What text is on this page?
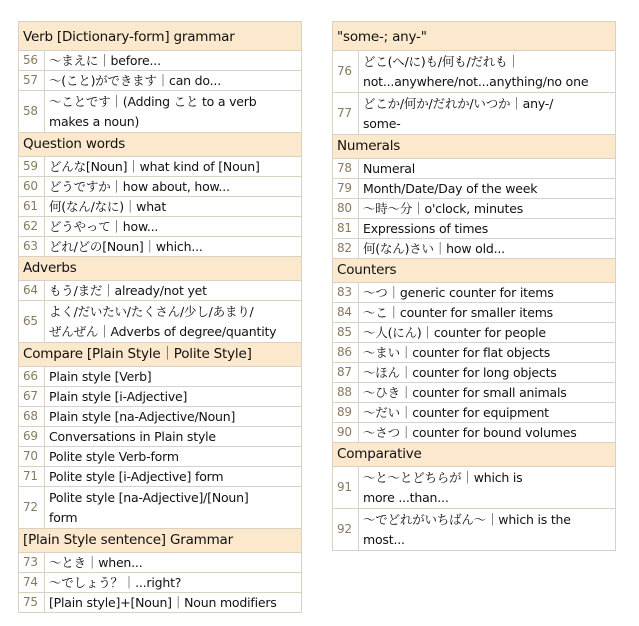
Verb [Dictionary-form] grammar	
56	〜まえに｜before...
57	〜(こと)ができます｜can do...
58	〜ことです｜(Adding こと to a verb
makes a noun)
Question words	
59	どんな[Noun]｜what kind of [Noun]
60	どうですか｜how about, how...
61	何(なん/なに)｜what
62	どうやって｜how...
63	どれ/どの[Noun]｜which...
Adverbs	
64	もう/まだ｜already/not yet
65	よく/だいたい/たくさん/少し/あまり/
ぜんぜん｜Adverbs of degree/quantity
Compare [Plain Style｜Polite Style]	
66	Plain style [Verb]
67	Plain style [i-Adjective]
68	Plain style [na-Adjective/Noun]
69	Conversations in Plain style
70	Polite style Verb-form
71	Polite style [i-Adjective] form
72	Polite style [na-Adjective]/[Noun]
form
[Plain Style sentence] Grammar	
73	〜とき｜when...
74	〜でしょう？｜...right?
75	[Plain style]+[Noun]｜Noun modifiers
"some-; any-"	
76	どこ(へ/に)も/何も/だれも｜
not...anywhere/not...anything/no one
77	どこか/何か/だれか/いつか｜any-/
some-
Numerals	
78	Numeral
79	Month/Date/Day of the week
80	〜時〜分｜o'clock, minutes
81	Expressions of times
82	何(なん)さい｜how old...
Counters	
83	〜つ｜generic counter for items
84	〜こ｜counter for smaller items
85	〜人(にん)｜counter for people
86	〜まい｜counter for flat objects
87	〜ほん｜counter for long objects
88	〜ひき｜counter for small animals
89	〜だい｜counter for equipment
90	〜さつ｜counter for bound volumes
Comparative	
91	〜と〜とどちらが｜which is
more ...than...
92	〜でどれがいちばん〜｜which is the
most...
